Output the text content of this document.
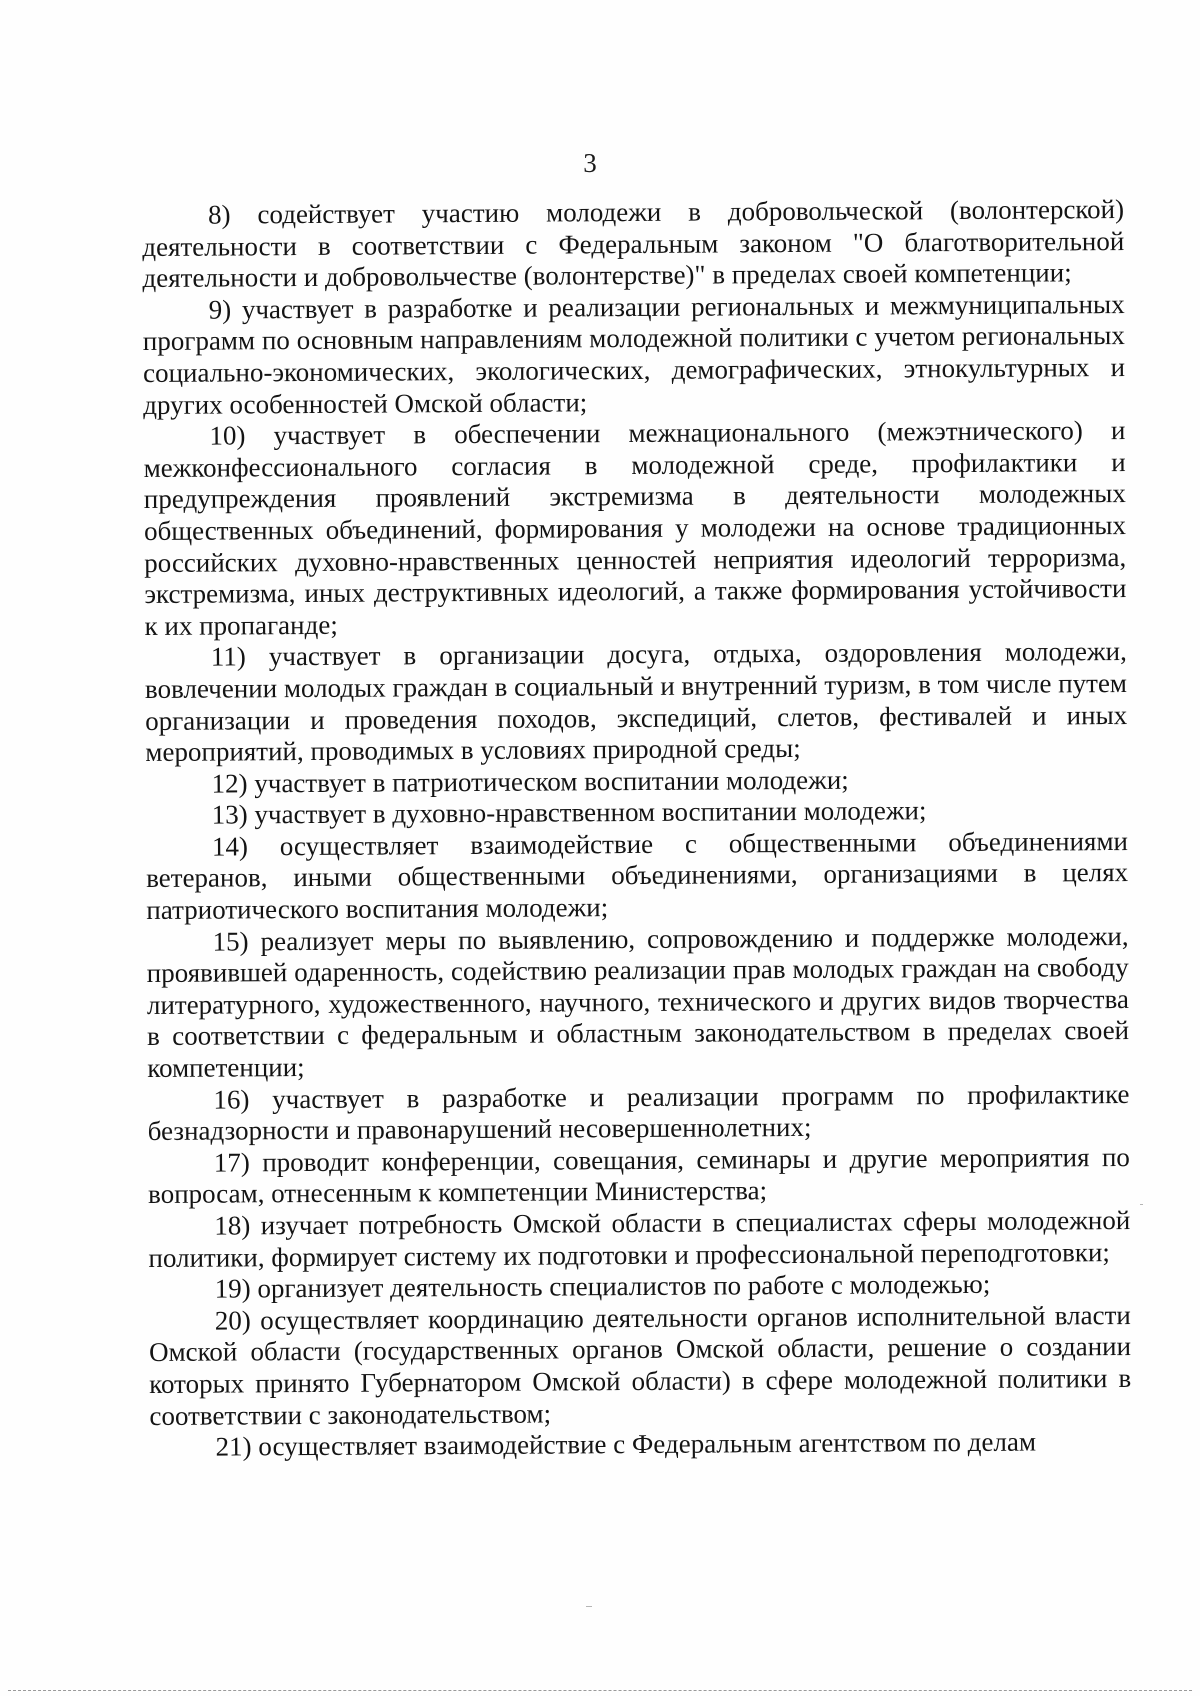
3

8) содействует участию молодежи в добровольческой (волонтерской) деятельности в соответствии с Федеральным законом "О благотворительной деятельности и добровольчестве (волонтерстве)" в пределах своей компетенции;

9) участвует в разработке и реализации региональных и межмуниципальных программ по основным направлениям молодежной политики с учетом региональных социально-экономических, экологических, демографических, этнокультурных и других особенностей Омской области;

10) участвует в обеспечении межнационального (межэтнического) и межконфессионального согласия в молодежной среде, профилактики и предупреждения проявлений экстремизма в деятельности молодежных общественных объединений, формирования у молодежи на основе традиционных российских духовно-нравственных ценностей неприятия идеологий терроризма, экстремизма, иных деструктивных идеологий, а также формирования устойчивости к их пропаганде;

11) участвует в организации досуга, отдыха, оздоровления молодежи, вовлечении молодых граждан в социальный и внутренний туризм, в том числе путем организации и проведения походов, экспедиций, слетов, фестивалей и иных мероприятий, проводимых в условиях природной среды;

12) участвует в патриотическом воспитании молодежи;

13) участвует в духовно-нравственном воспитании молодежи;

14) осуществляет взаимодействие с общественными объединениями ветеранов, иными общественными объединениями, организациями в целях патриотического воспитания молодежи;

15) реализует меры по выявлению, сопровождению и поддержке молодежи, проявившей одаренность, содействию реализации прав молодых граждан на свободу литературного, художественного, научного, технического и других видов творчества в соответствии с федеральным и областным законодательством в пределах своей компетенции;

16) участвует в разработке и реализации программ по профилактике безнадзорности и правонарушений несовершеннолетних;

17) проводит конференции, совещания, семинары и другие мероприятия по вопросам, отнесенным к компетенции Министерства;

18) изучает потребность Омской области в специалистах сферы молодежной политики, формирует систему их подготовки и профессиональной переподготовки;

19) организует деятельность специалистов по работе с молодежью;

20) осуществляет координацию деятельности органов исполнительной власти Омской области (государственных органов Омской области, решение о создании которых принято Губернатором Омской области) в сфере молодежной политики в соответствии с законодательством;

21) осуществляет взаимодействие с Федеральным агентством по делам
